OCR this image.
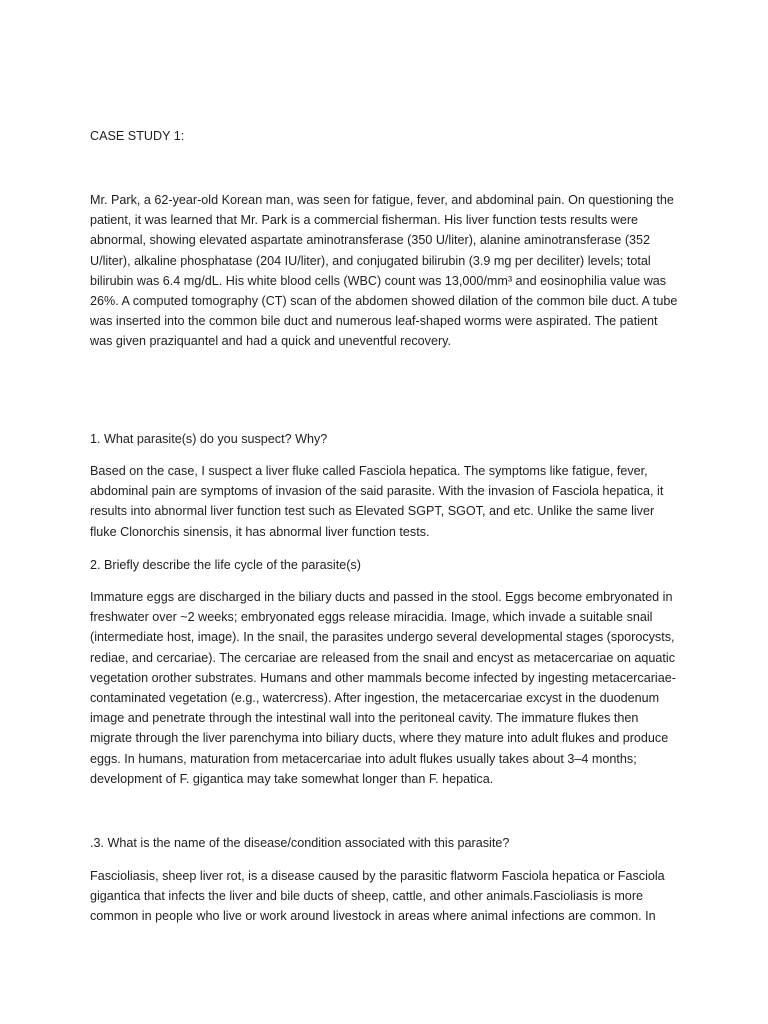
CASE STUDY 1:

Mr. Park, a 62-year-old Korean man, was seen for fatigue, fever, and abdominal pain. On questioning the patient, it was learned that Mr. Park is a commercial fisherman. His liver function tests results were abnormal, showing elevated aspartate aminotransferase (350 U/liter), alanine aminotransferase (352 U/liter), alkaline phosphatase (204 IU/liter), and conjugated bilirubin (3.9 mg per deciliter) levels; total bilirubin was 6.4 mg/dL. His white blood cells (WBC) count was 13,000/mm³ and eosinophilia value was 26%. A computed tomography (CT) scan of the abdomen showed dilation of the common bile duct. A tube was inserted into the common bile duct and numerous leaf-shaped worms were aspirated. The patient was given praziquantel and had a quick and uneventful recovery.

1. What parasite(s) do you suspect? Why?

Based on the case, I suspect a liver fluke called Fasciola hepatica. The symptoms like fatigue, fever, abdominal pain are symptoms of invasion of the said parasite. With the invasion of Fasciola hepatica, it results into abnormal liver function test such as Elevated SGPT, SGOT, and etc. Unlike the same liver fluke Clonorchis sinensis, it has abnormal liver function tests.

2. Briefly describe the life cycle of the parasite(s)

Immature eggs are discharged in the biliary ducts and passed in the stool. Eggs become embryonated in freshwater over ~2 weeks; embryonated eggs release miracidia. Image, which invade a suitable snail (intermediate host, image). In the snail, the parasites undergo several developmental stages (sporocysts, rediae, and cercariae). The cercariae are released from the snail and encyst as metacercariae on aquatic vegetation orother substrates. Humans and other mammals become infected by ingesting metacercariae-contaminated vegetation (e.g., watercress). After ingestion, the metacercariae excyst in the duodenum image and penetrate through the intestinal wall into the peritoneal cavity. The immature flukes then migrate through the liver parenchyma into biliary ducts, where they mature into adult flukes and produce eggs. In humans, maturation from metacercariae into adult flukes usually takes about 3–4 months; development of F. gigantica may take somewhat longer than F. hepatica.

.3. What is the name of the disease/condition associated with this parasite?

Fascioliasis, sheep liver rot, is a disease caused by the parasitic flatworm Fasciola hepatica or Fasciola gigantica that infects the liver and bile ducts of sheep, cattle, and other animals.Fascioliasis is more common in people who live or work around livestock in areas where animal infections are common. In
